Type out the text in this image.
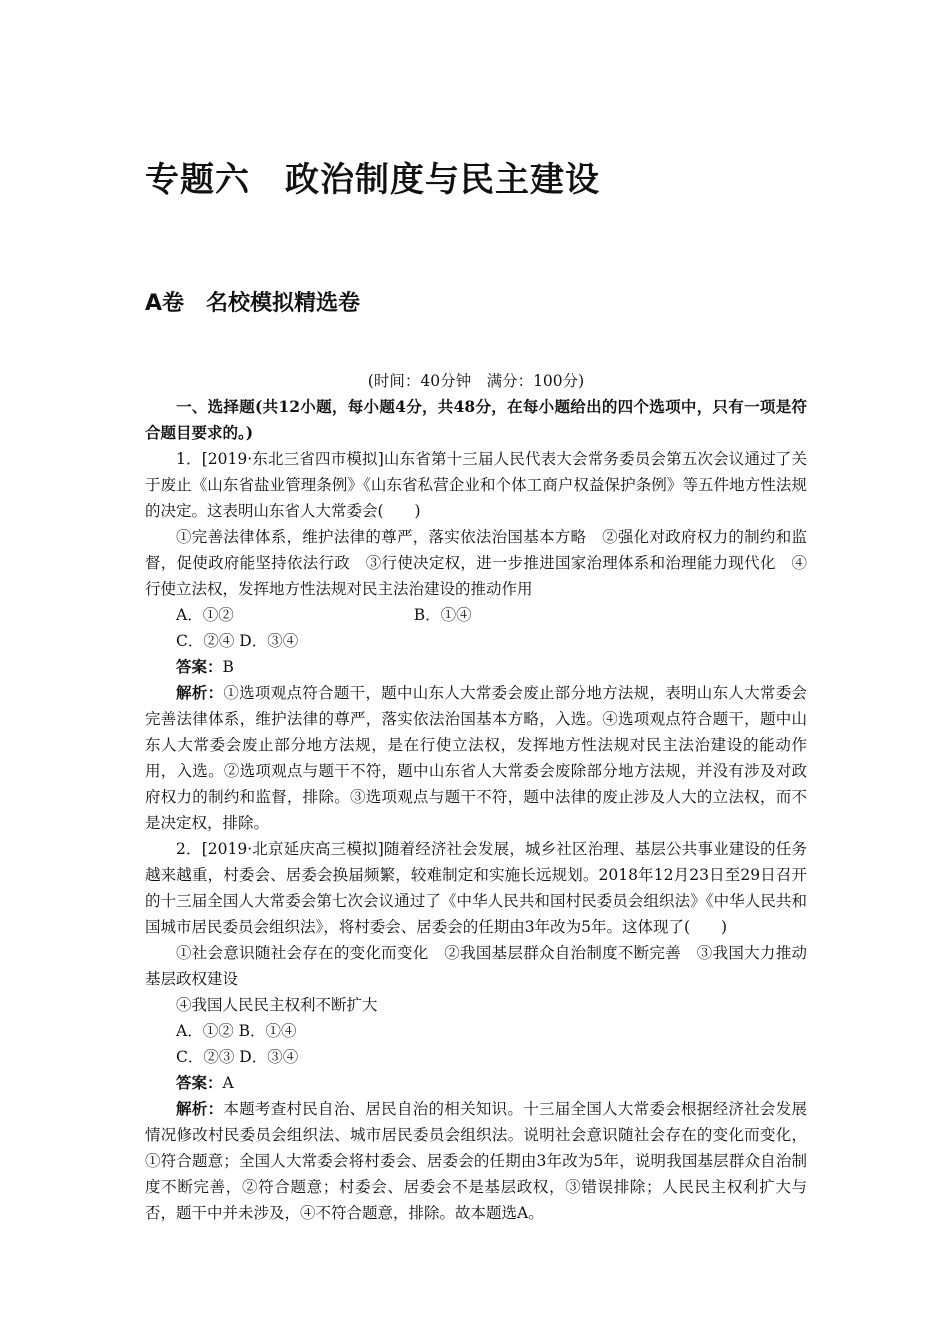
专题六　政治制度与民主建设
A卷　名校模拟精选卷

(时间：40分钟　满分：100分)

一、选择题(共12小题，每小题4分，共48分，在每小题给出的四个选项中，只有一项是符合题目要求的。)

1．[2019·东北三省四市模拟]山东省第十三届人民代表大会常务委员会第五次会议通过了关于废止《山东省盐业管理条例》《山东省私营企业和个体工商户权益保护条例》等五件地方性法规的决定。这表明山东省人大常委会(　　)

①完善法律体系，维护法律的尊严，落实依法治国基本方略　②强化对政府权力的制约和监督，促使政府能坚持依法行政　③行使决定权，进一步推进国家治理体系和治理能力现代化　④行使立法权，发挥地方性法规对民主法治建设的推动作用

A．①②	B．①④
C．②④ D．③④
答案：B

解析：①选项观点符合题干，题中山东人大常委会废止部分地方法规，表明山东人大常委会完善法律体系，维护法律的尊严，落实依法治国基本方略，入选。④选项观点符合题干，题中山东人大常委会废止部分地方法规，是在行使立法权，发挥地方性法规对民主法治建设的能动作用，入选。②选项观点与题干不符，题中山东省人大常委会废除部分地方法规，并没有涉及对政府权力的制约和监督，排除。③选项观点与题干不符，题中法律的废止涉及人大的立法权，而不是决定权，排除。

2．[2019·北京延庆高三模拟]随着经济社会发展，城乡社区治理、基层公共事业建设的任务越来越重，村委会、居委会换届频繁，较难制定和实施长远规划。2018年12月23日至29日召开的十三届全国人大常委会第七次会议通过了《中华人民共和国村民委员会组织法》《中华人民共和国城市居民委员会组织法》，将村委会、居委会的任期由3年改为5年。这体现了(　　)

①社会意识随社会存在的变化而变化　②我国基层群众自治制度不断完善　③我国大力推动基层政权建设

④我国人民民主权利不断扩大

A．①② B．①④
C．②③ D．③④
答案：A

解析：本题考查村民自治、居民自治的相关知识。十三届全国人大常委会根据经济社会发展情况修改村民委员会组织法、城市居民委员会组织法。说明社会意识随社会存在的变化而变化，①符合题意；全国人大常委会将村委会、居委会的任期由3年改为5年，说明我国基层群众自治制度不断完善，②符合题意；村委会、居委会不是基层政权，③错误排除；人民民主权利扩大与否，题干中并未涉及，④不符合题意，排除。故本题选A。
